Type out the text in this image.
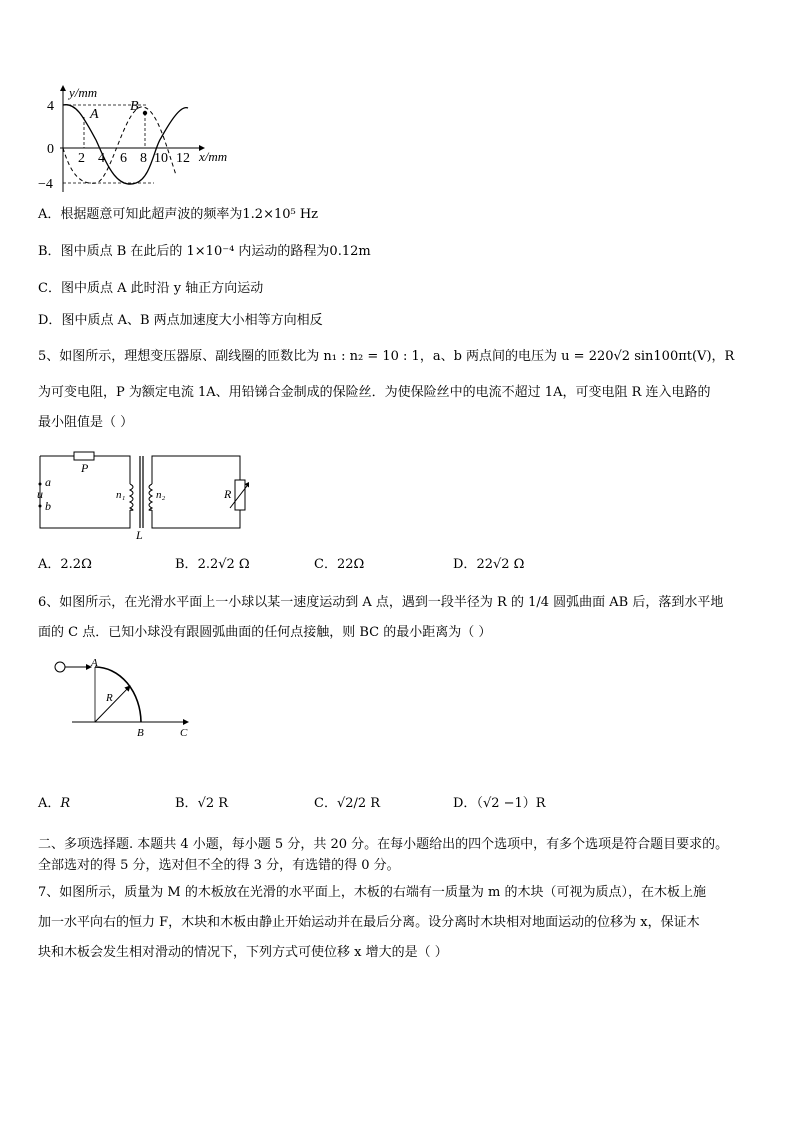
y/mm
x/mm
4
0
−4
2 4 6 8 10 12
A
B
A．根据题意可知此超声波的频率为1.2×10⁵ Hz
B．图中质点 B 在此后的 1×10⁻⁴ 内运动的路程为0.12m
C．图中质点 A 此时沿 y 轴正方向运动
D．图中质点 A、B 两点加速度大小相等方向相反
5、如图所示，理想变压器原、副线圈的匝数比为 n₁ : n₂ = 10 : 1，a、b 两点间的电压为 u = 220√2 sin100πt(V)，R
为可变电阻，P 为额定电流 1A、用铅锑合金制成的保险丝．为使保险丝中的电流不超过 1A，可变电阻 R 连入电路的
最小阻值是（ ）
P
a
u
b
n₁	n₂	R
L
A．2.2Ω	B．2.2√2 Ω	C．22Ω	D．22√2 Ω
6、如图所示，在光滑水平面上一小球以某一速度运动到 A 点，遇到一段半径为 R 的 1/4 圆弧曲面 AB 后，落到水平地
面的 C 点．已知小球没有跟圆弧曲面的任何点接触，则 BC 的最小距离为（ ）
A
R
B	C
A．R	B．√2 R	C．√2/2 R	D．（√2 −1）R
二、多项选择题. 本题共 4 小题，每小题 5 分，共 20 分。在每小题给出的四个选项中，有多个选项是符合题目要求的。
全部选对的得 5 分，选对但不全的得 3 分，有选错的得 0 分。
7、如图所示，质量为 M 的木板放在光滑的水平面上，木板的右端有一质量为 m 的木块（可视为质点），在木板上施
加一水平向右的恒力 F，木块和木板由静止开始运动并在最后分离。设分离时木块相对地面运动的位移为 x，保证木
块和木板会发生相对滑动的情况下，下列方式可使位移 x 增大的是（ ）
